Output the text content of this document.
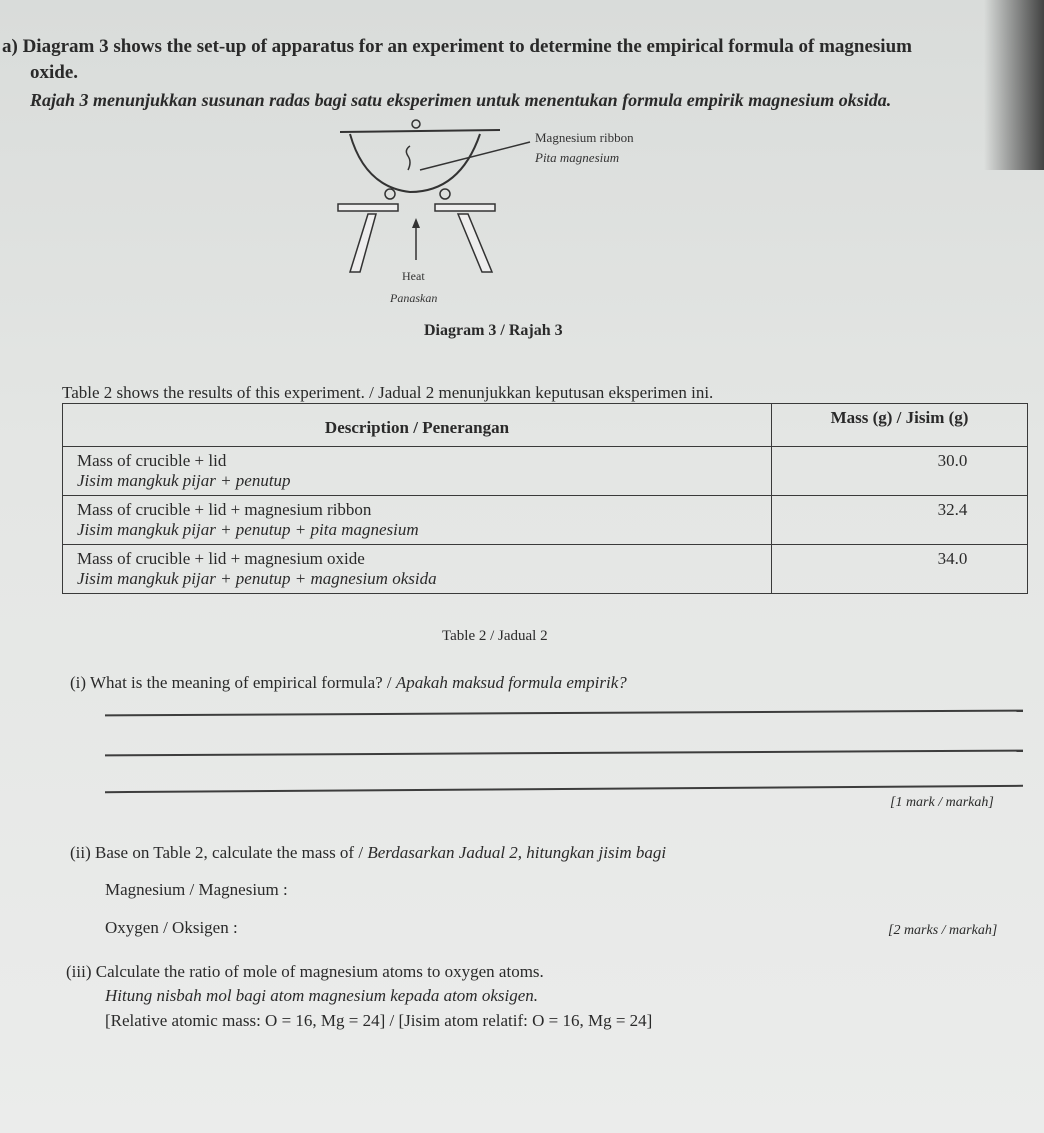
a) Diagram 3 shows the set-up of apparatus for an experiment to determine the empirical formula of magnesium
oxide.
Rajah 3 menunjukkan susunan radas bagi satu eksperimen untuk menentukan formula empirik magnesium oksida.
Heat
Panaskan
Magnesium ribbon
Pita magnesium
Diagram 3 / Rajah 3
Table 2 shows the results of this experiment. / Jadual 2 menunjukkan keputusan eksperimen ini.
Description / Penerangan	Mass (g) / Jisim (g)

Mass of crucible + lid
Jisim mangkuk pijar + penutup	30.0

Mass of crucible + lid + magnesium ribbon
Jisim mangkuk pijar + penutup + pita magnesium	32.4

Mass of crucible + lid + magnesium oxide
Jisim mangkuk pijar + penutup + magnesium oksida	34.0
Table 2 / Jadual 2
(i) What is the meaning of empirical formula? / Apakah maksud formula empirik?
[1 mark / markah]
(ii) Base on Table 2, calculate the mass of / Berdasarkan Jadual 2, hitungkan jisim bagi
Magnesium / Magnesium :
Oxygen / Oksigen :	[2 marks / markah]
(iii) Calculate the ratio of mole of magnesium atoms to oxygen atoms.
Hitung nisbah mol bagi atom magnesium kepada atom oksigen.
[Relative atomic mass: O = 16, Mg = 24] / [Jisim atom relatif: O = 16, Mg = 24]
